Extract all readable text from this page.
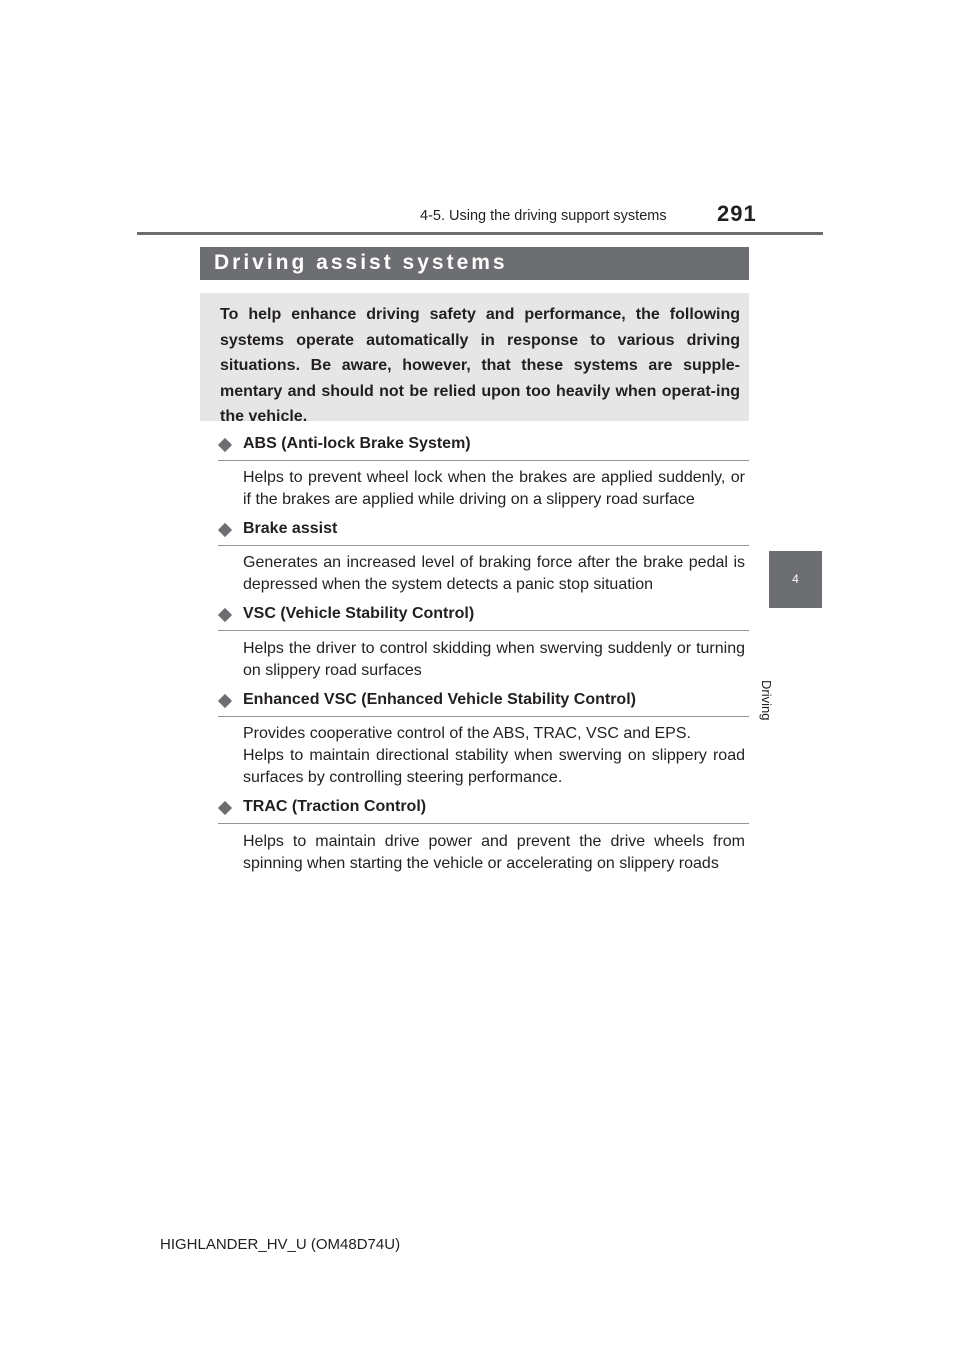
4-5. Using the driving support systems 291
4
Driving
Driving assist systems

To help enhance driving safety and performance, the following systems operate automatically in response to various driving situations. Be aware, however, that these systems are supple-mentary and should not be relied upon too heavily when operat-ing the vehicle.

ABS (Anti-lock Brake System)

Helps to prevent wheel lock when the brakes are applied suddenly, or if the brakes are applied while driving on a slippery road surface

Brake assist

Generates an increased level of braking force after the brake pedal is depressed when the system detects a panic stop situation

VSC (Vehicle Stability Control)

Helps the driver to control skidding when swerving suddenly or turning on slippery road surfaces

Enhanced VSC (Enhanced Vehicle Stability Control)

Provides cooperative control of the ABS, TRAC, VSC and EPS.

Helps to maintain directional stability when swerving on slippery road surfaces by controlling steering performance.

TRAC (Traction Control)

Helps to maintain drive power and prevent the drive wheels from spinning when starting the vehicle or accelerating on slippery roads

HIGHLANDER_HV_U (OM48D74U)
